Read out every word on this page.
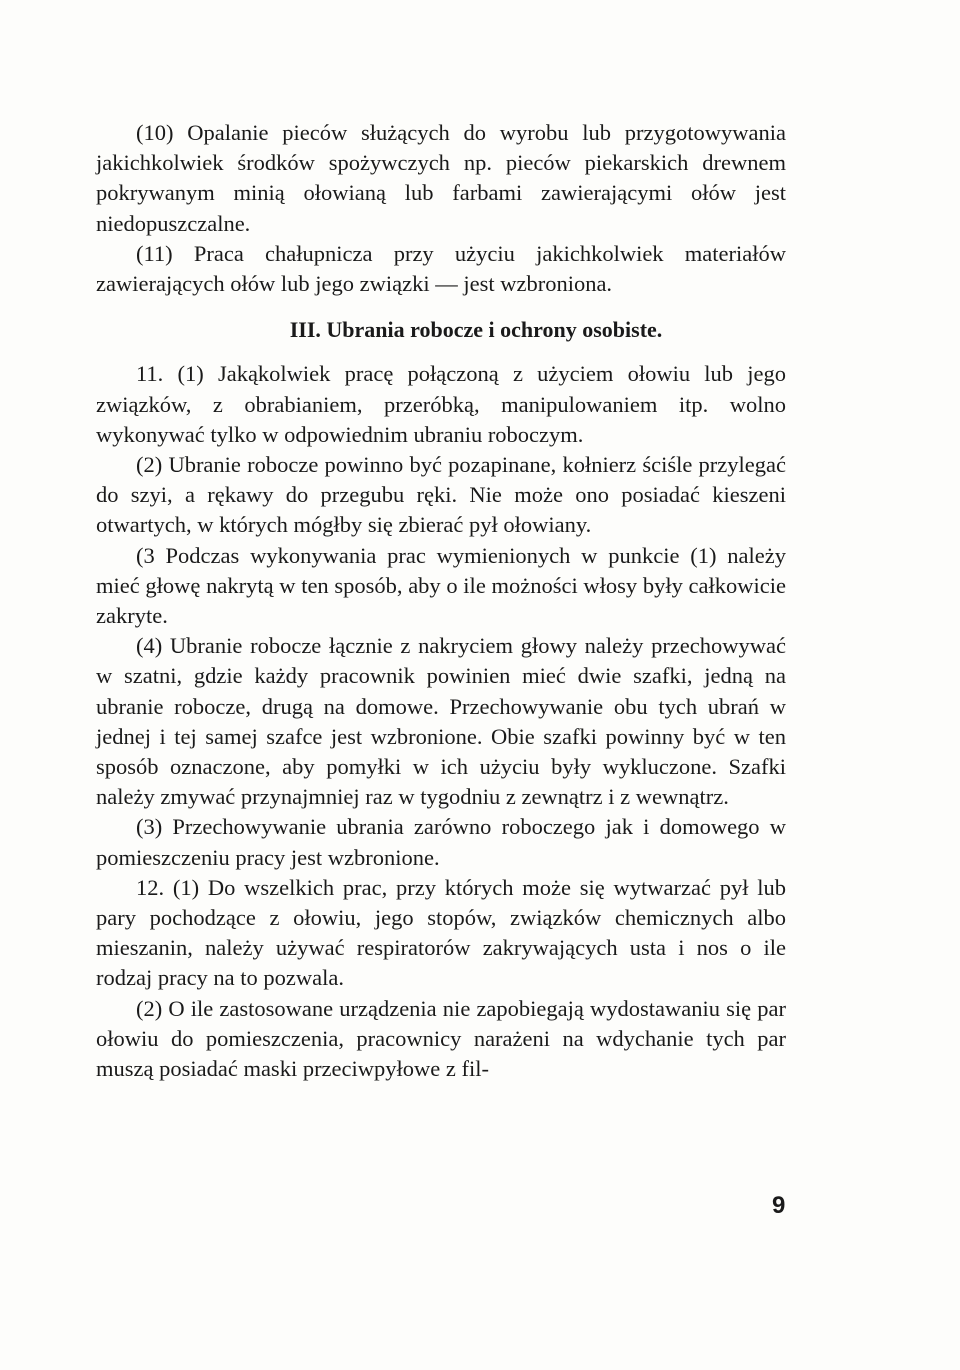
(10) Opalanie pieców służących do wyrobu lub przygotowywania jakichkolwiek środków spożywczych np. pieców piekarskich drewnem pokrywanym minią ołowianą lub farbami zawierającymi ołów jest niedopuszczalne.

(11) Praca chałupnicza przy użyciu jakichkolwiek materiałów zawierających ołów lub jego związki — jest wzbroniona.

III. Ubrania robocze i ochrony osobiste.

11. (1) Jakąkolwiek pracę połączoną z użyciem ołowiu lub jego związków, z obrabianiem, przeróbką, manipulowaniem itp. wolno wykonywać tylko w odpowiednim ubraniu roboczym.

(2) Ubranie robocze powinno być pozapinane, kołnierz ściśle przylegać do szyi, a rękawy do przegubu ręki. Nie może ono posiadać kieszeni otwartych, w których mógłby się zbierać pył ołowiany.

(3 Podczas wykonywania prac wymienionych w punkcie (1) należy mieć głowę nakrytą w ten sposób, aby o ile możności włosy były całkowicie zakryte.

(4) Ubranie robocze łącznie z nakryciem głowy należy przechowywać w szatni, gdzie każdy pracownik powinien mieć dwie szafki, jedną na ubranie robocze, drugą na domowe. Przechowywanie obu tych ubrań w jednej i tej samej szafce jest wzbronione. Obie szafki powinny być w ten sposób oznaczone, aby pomyłki w ich użyciu były wykluczone. Szafki należy zmywać przynajmniej raz w tygodniu z zewnątrz i z wewnątrz.

(3) Przechowywanie ubrania zarówno roboczego jak i domowego w pomieszczeniu pracy jest wzbronione.

12. (1) Do wszelkich prac, przy których może się wytwarzać pył lub pary pochodzące z ołowiu, jego stopów, związków chemicznych albo mieszanin, należy używać respiratorów zakrywających usta i nos o ile rodzaj pracy na to pozwala.

(2) O ile zastosowane urządzenia nie zapobiegają wydostawaniu się par ołowiu do pomieszczenia, pracownicy narażeni na wdychanie tych par muszą posiadać maski przeciwpyłowe z fil-

9
